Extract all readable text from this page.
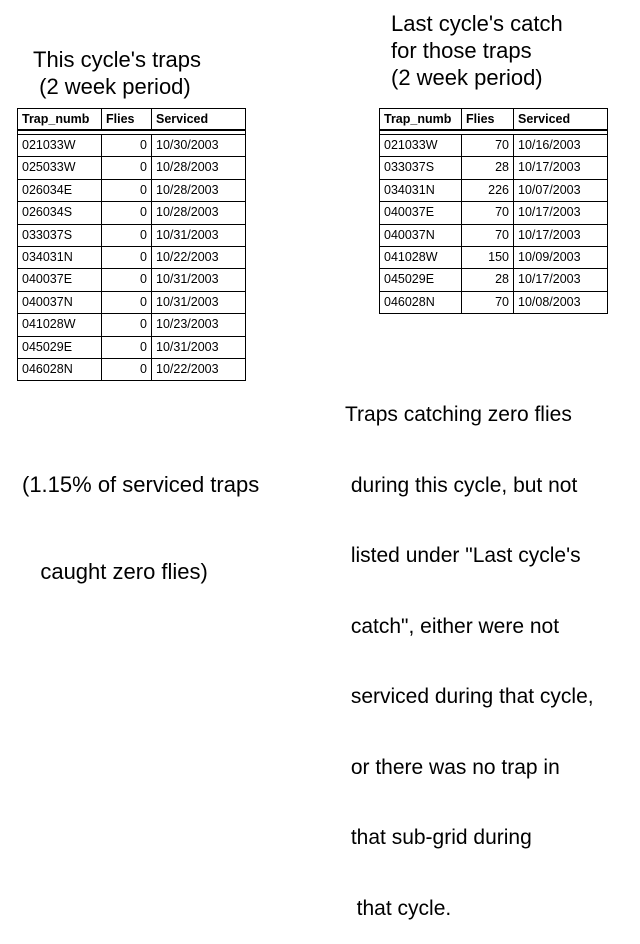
This cycle's traps
(2 week period)
Last cycle's catch
for those traps
(2 week period)
Trap_numb	Flies	Serviced
021033W	0 10/30/2003
025033W	0 10/28/2003
026034E	0 10/28/2003
026034S	0 10/28/2003
033037S	0 10/31/2003
034031N	0 10/22/2003
040037E	0 10/31/2003
040037N	0 10/31/2003
041028W	0 10/23/2003
045029E	0 10/31/2003
046028N	0 10/22/2003
Trap_numb	Flies	Serviced
021033W	70 10/16/2003
033037S	28 10/17/2003
034031N	226 10/07/2003
040037E	70 10/17/2003
040037N	70 10/17/2003
041028W	150 10/09/2003
045029E	28 10/17/2003
046028N	70 10/08/2003

(1.15% of serviced traps

caught zero flies)

Traps catching zero flies

during this cycle, but not

listed under "Last cycle's

catch", either were not

serviced during that cycle,

or there was no trap in

that sub-grid during

that cycle.
